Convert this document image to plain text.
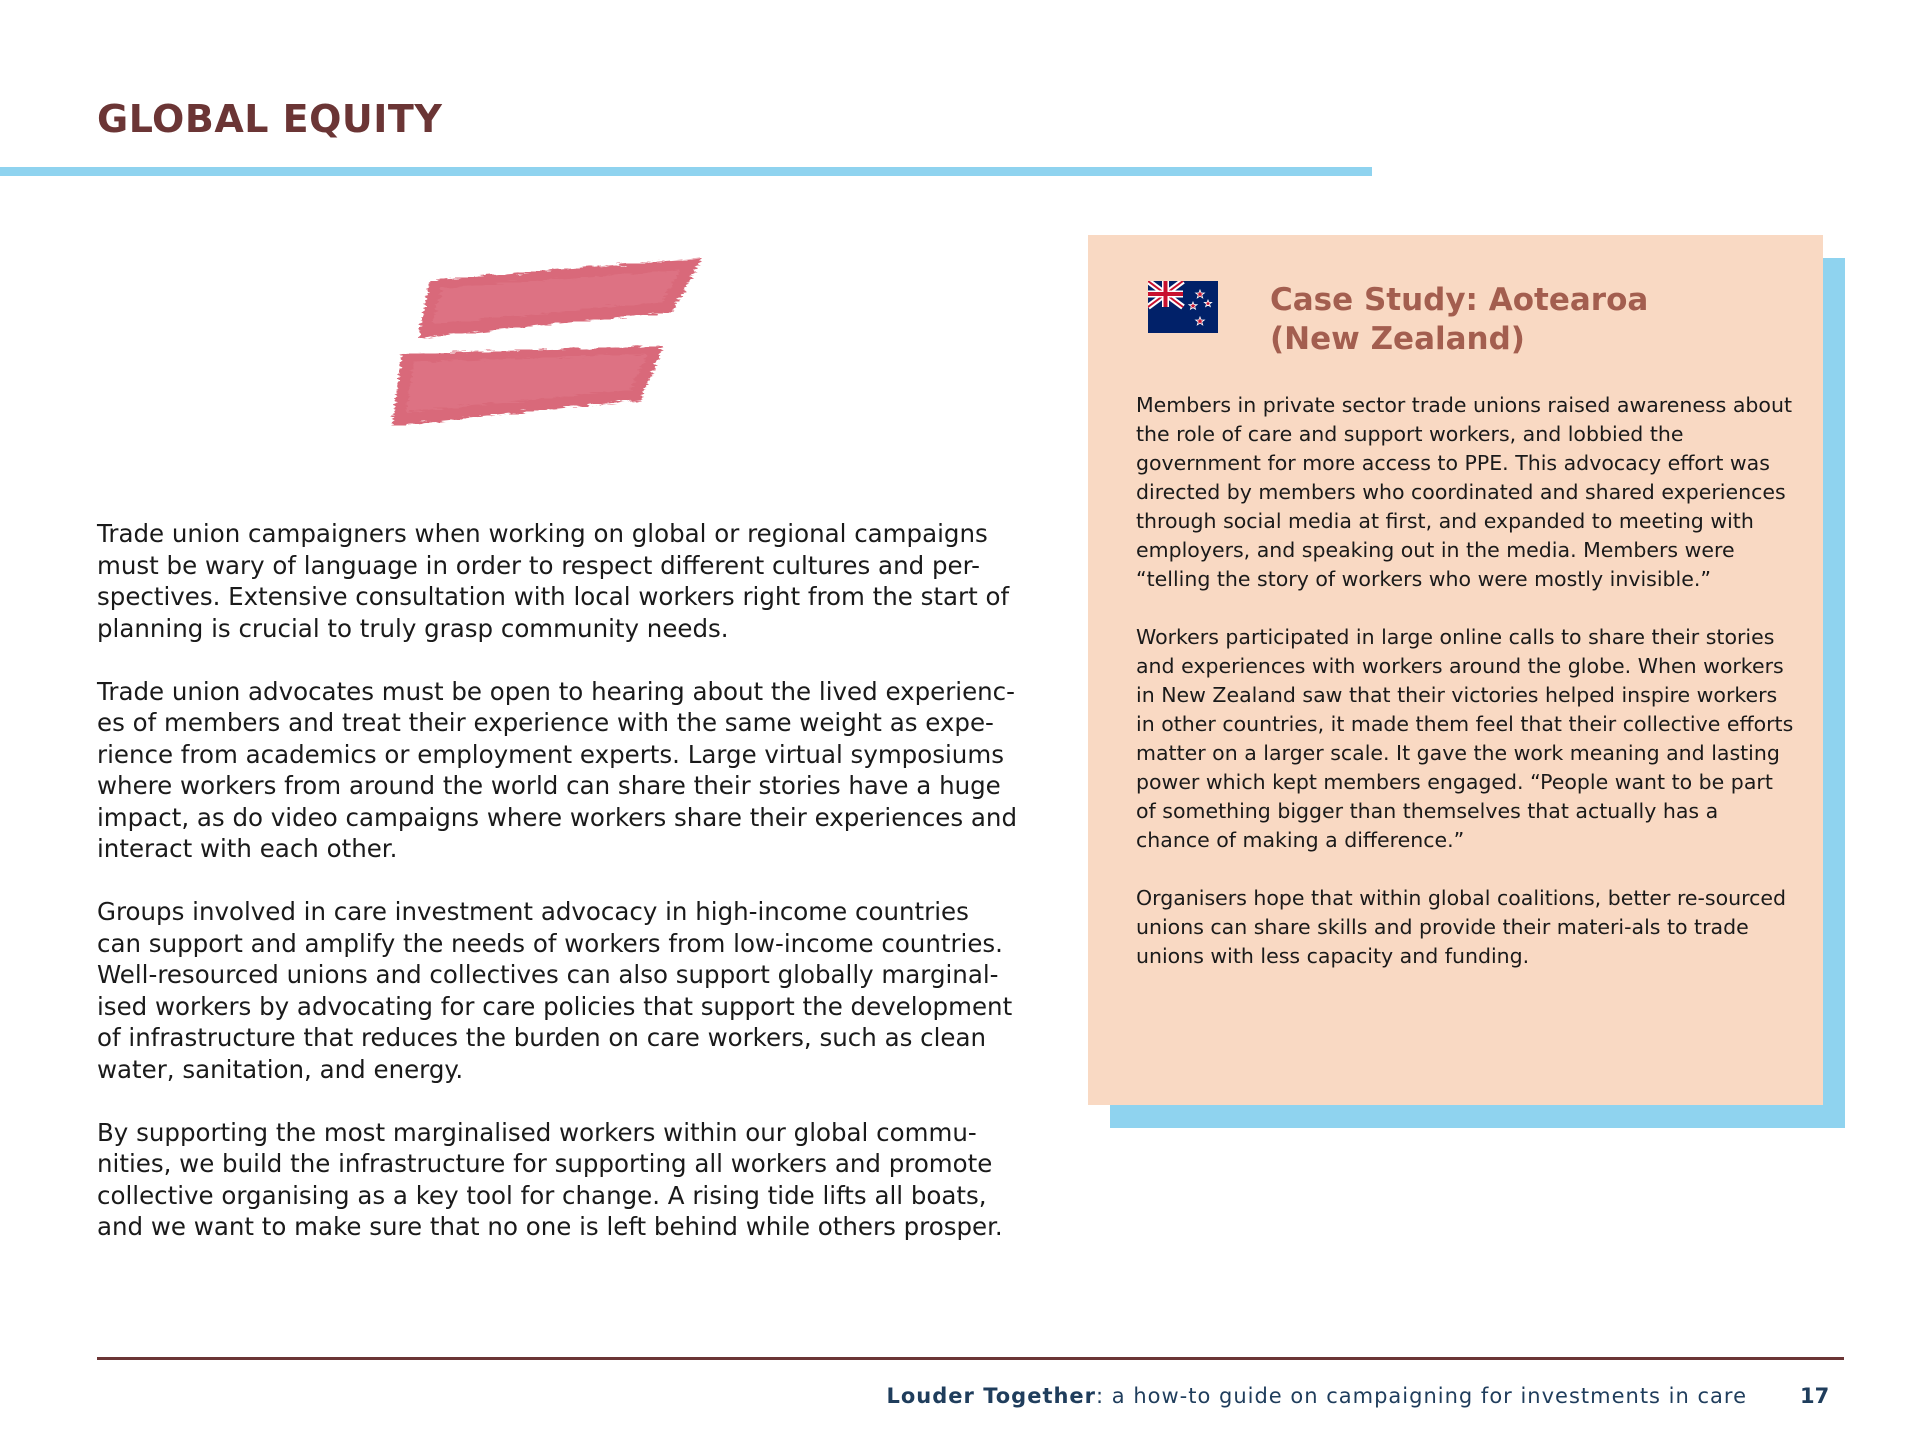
GLOBAL EQUITY

Trade union campaigners when working on global or regional campaigns must be wary of language in order to respect different cultures and per-spectives. Extensive consultation with local workers right from the start of planning is crucial to truly grasp community needs.

Trade union advocates must be open to hearing about the lived experienc-es of members and treat their experience with the same weight as expe-rience from academics or employment experts. Large virtual symposiums where workers from around the world can share their stories have a huge impact, as do video campaigns where workers share their experiences and interact with each other.

Groups involved in care investment advocacy in high-income countries can support and amplify the needs of workers from low-income countries. Well-resourced unions and collectives can also support globally marginal-ised workers by advocating for care policies that support the development of infrastructure that reduces the burden on care workers, such as clean water, sanitation, and energy.

By supporting the most marginalised workers within our global commu-nities, we build the infrastructure for supporting all workers and promote collective organising as a key tool for change. A rising tide lifts all boats, and we want to make sure that no one is left behind while others prosper.

Case Study: Aotearoa
(New Zealand)

Members in private sector trade unions raised awareness about the role of care and support workers, and lobbied the government for more access to PPE. This advocacy effort was directed by members who coordinated and shared experiences through social media at first, and expanded to meeting with employers, and speaking out in the media. Members were “telling the story of workers who were mostly invisible.”

Workers participated in large online calls to share their stories and experiences with workers around the globe. When workers in New Zealand saw that their victories helped inspire workers in other countries, it made them feel that their collective efforts matter on a larger scale. It gave the work meaning and lasting power which kept members engaged. “People want to be part of something bigger than themselves that actually has a chance of making a difference.”

Organisers hope that within global coalitions, better re-sourced unions can share skills and provide their materi-als to trade unions with less capacity and funding.

Louder Together: a how-to guide on campaigning for investments in care	17
